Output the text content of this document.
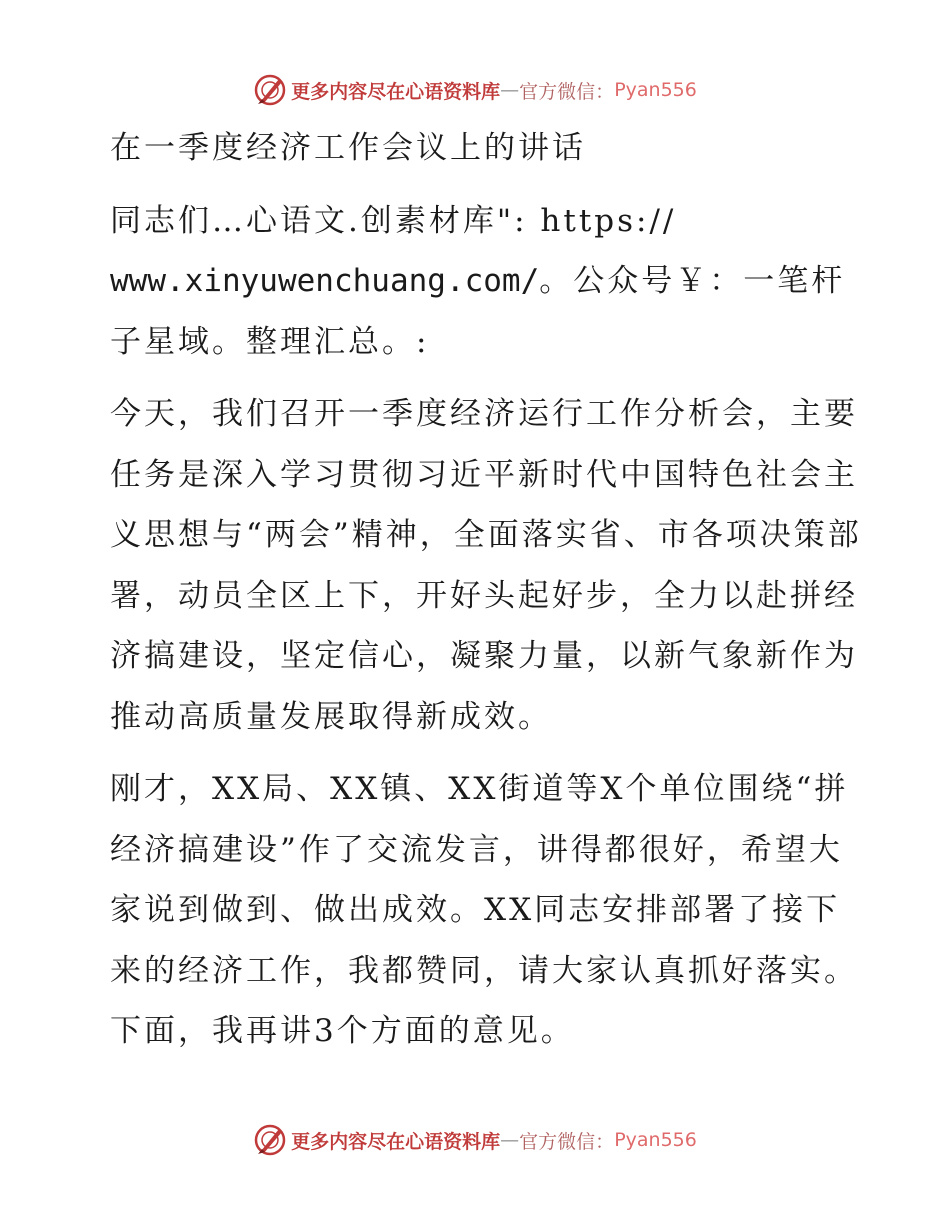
更多内容尽在心语资料库 — 官方微信： Pyan556

在一季度经济工作会议上的讲话

同志们…心语文.创素材库": https://
www.xinyuwenchuang.com/。公众号￥：一笔杆子星域。整理汇总。:

今天，我们召开一季度经济运行工作分析会，主要任务是深入学习贯彻习近平新时代中国特色社会主义思想与“两会”精神，全面落实省、市各项决策部署，动员全区上下，开好头起好步，全力以赴拼经济搞建设，坚定信心，凝聚力量，以新气象新作为推动高质量发展取得新成效。

刚才，XX局、XX镇、XX街道等X个单位围绕“拼经济搞建设”作了交流发言，讲得都很好，希望大家说到做到、做出成效。XX同志安排部署了接下来的经济工作，我都赞同，请大家认真抓好落实。下面，我再讲3个方面的意见。

更多内容尽在心语资料库 — 官方微信： Pyan556
